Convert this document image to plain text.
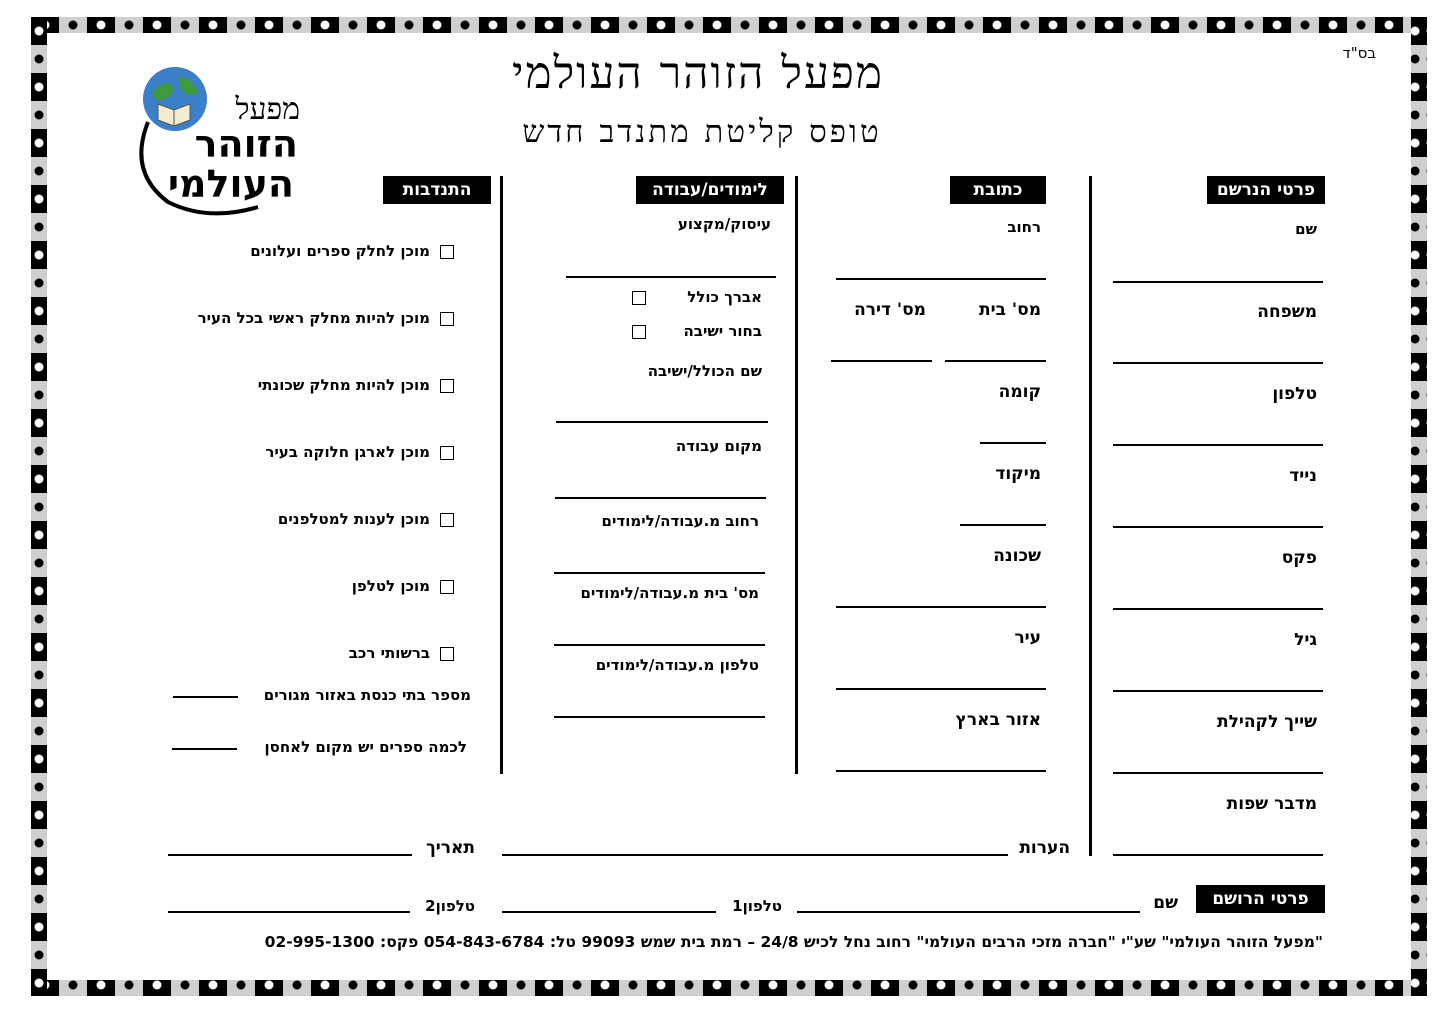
בס"ד
מפעל הזוהר העולמי
טופס קליטת מתנדב חדש
מפעל
הזוהר
העולמי	פרטי הנרשם
שם
משפחה
טלפון
נייד
פקס
גיל
שייך לקהילת
מדבר שפות
כתובת
רחוב
מס' בית
מס' דירה
קומה
מיקוד
שכונה
עיר
אזור בארץ
לימודים/עבודה
עיסוק/מקצוע
אברך כולל
בחור ישיבה
שם הכולל/ישיבה
מקום עבודה
רחוב מ.עבודה/לימודים
מס' בית מ.עבודה/לימודים
טלפון מ.עבודה/לימודים
התנדבות
מוכן לחלק ספרים ועלונים
מוכן להיות מחלק ראשי בכל העיר
מוכן להיות מחלק שכונתי
מוכן לארגן חלוקה בעיר
מוכן לענות למטלפנים
מוכן לטלפן
ברשותי רכב
מספר בתי כנסת באזור מגורים
לכמה ספרים יש מקום לאחסן
הערות
תאריך
פרטי הרושם
שם
טלפון1
טלפון2
"מפעל הזוהר העולמי" שע"י "חברה מזכי הרבים העולמי" רחוב נחל לכיש 24/8 – רמת בית שמש 99093 טל: 054-843-6784 פקס: 02-995-1300
